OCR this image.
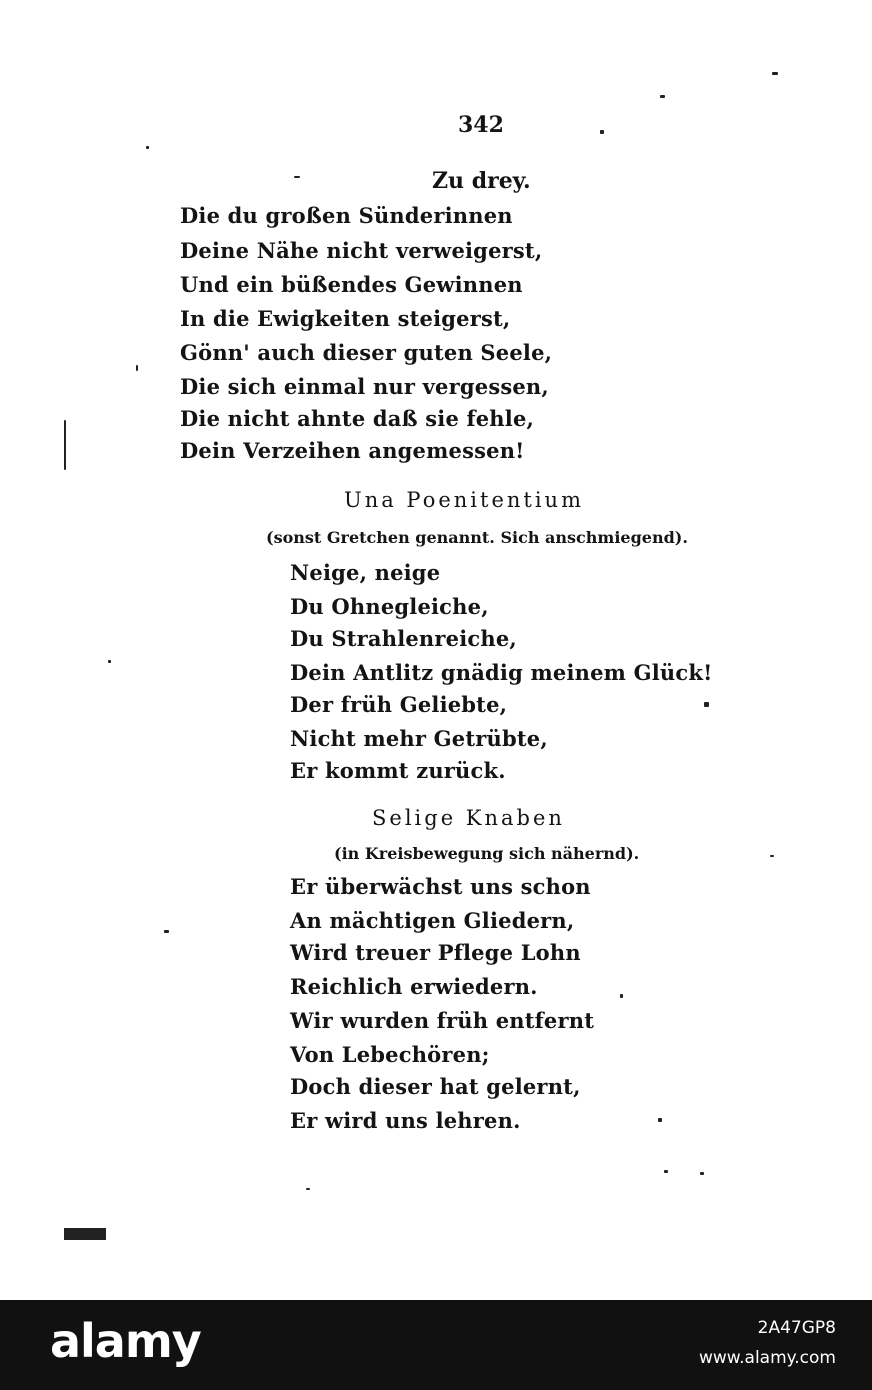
342
Zu drey.
Die du großen Sünderinnen
Deine Nähe nicht verweigerst,
Und ein büßendes Gewinnen
In die Ewigkeiten steigerst,
Gönn' auch dieser guten Seele,
Die sich einmal nur vergessen,
Die nicht ahnte daß sie fehle,
Dein Verzeihen angemessen!
Una Poenitentium
(sonst Gretchen genannt. Sich anschmiegend).
Neige, neige
Du Ohnegleiche,
Du Strahlenreiche,
Dein Antlitz gnädig meinem Glück!
Der früh Geliebte,
Nicht mehr Getrübte,
Er kommt zurück.
Selige Knaben
(in Kreisbewegung sich nähernd).
Er überwächst uns schon
An mächtigen Gliedern,
Wird treuer Pflege Lohn
Reichlich erwiedern.
Wir wurden früh entfernt
Von Lebechören;
Doch dieser hat gelernt,
Er wird uns lehren.
alamy	2A47GP8
www.alamy.com
